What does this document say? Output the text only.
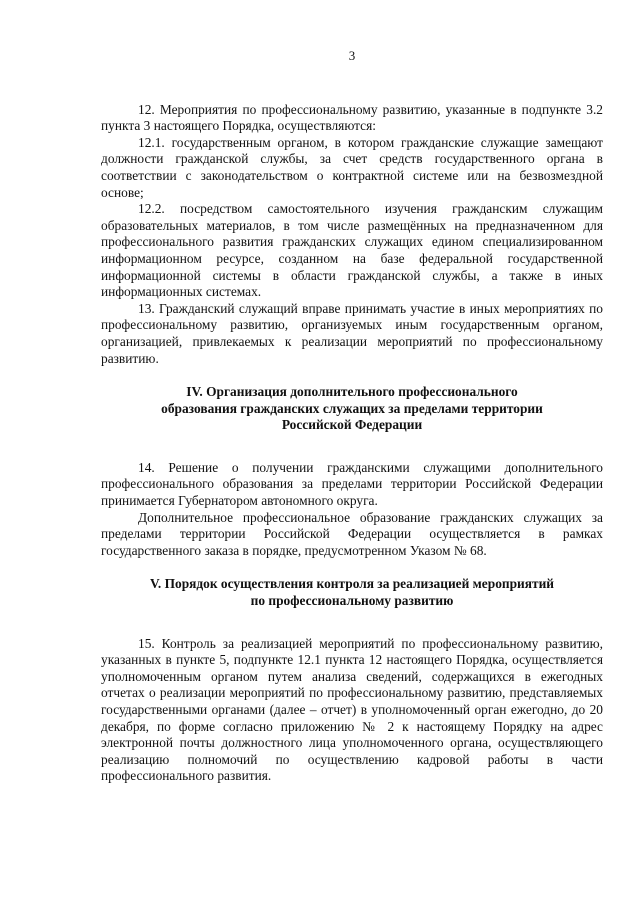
3

12. Мероприятия по профессиональному развитию, указанные в подпункте 3.2 пункта 3 настоящего Порядка, осуществляются:

12.1. государственным органом, в котором гражданские служащие замещают должности гражданской службы, за счет средств государственного органа в соответствии с законодательством о контрактной системе или на безвозмездной основе;

12.2. посредством самостоятельного изучения гражданским служащим образовательных материалов, в том числе размещённых на предназначенном для профессионального развития гражданских служащих едином специализированном информационном ресурсе, созданном на базе федеральной государственной информационной системы в области гражданской службы, а также в иных информационных системах.

13. Гражданский служащий вправе принимать участие в иных мероприятиях по профессиональному развитию, организуемых иным государственным органом, организацией, привлекаемых к реализации мероприятий по профессиональному развитию.

IV. Организация дополнительного профессионального
образования гражданских служащих за пределами территории
Российской Федерации

14. Решение о получении гражданскими служащими дополнительного профессионального образования за пределами территории Российской Федерации принимается Губернатором автономного округа.

Дополнительное профессиональное образование гражданских служащих за пределами территории Российской Федерации осуществляется в рамках государственного заказа в порядке, предусмотренном Указом № 68.

V. Порядок осуществления контроля за реализацией мероприятий
по профессиональному развитию

15. Контроль за реализацией мероприятий по профессиональному развитию, указанных в пункте 5, подпункте 12.1 пункта 12 настоящего Порядка, осуществляется уполномоченным органом путем анализа сведений, содержащихся в ежегодных отчетах о реализации мероприятий по профессиональному развитию, представляемых государственными органами (далее – отчет) в уполномоченный орган ежегодно, до 20 декабря, по форме согласно приложению № 2 к настоящему Порядку на адрес электронной почты должностного лица уполномоченного органа, осуществляющего реализацию полномочий по осуществлению кадровой работы в части профессионального развития.
